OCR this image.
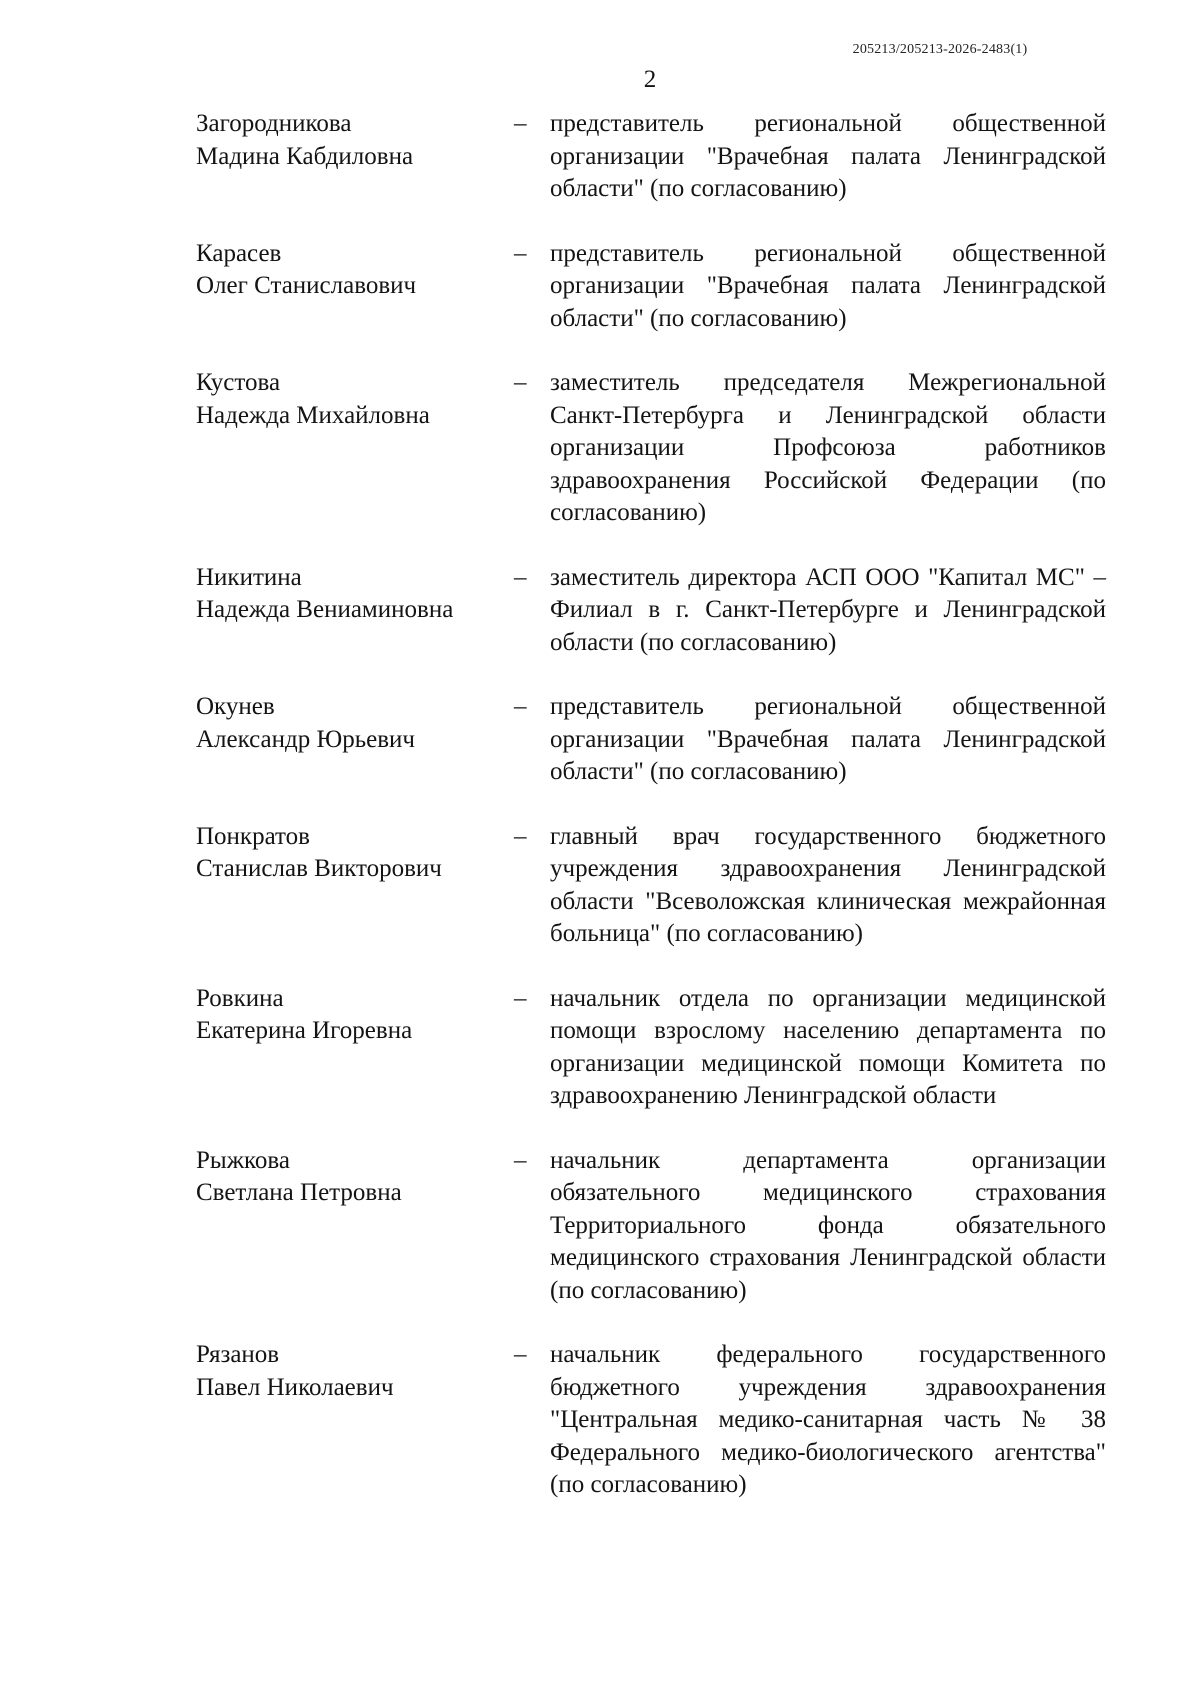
205213/205213-2026-2483(1)
2
Загородникова
Мадина Кабдиловна
– представитель региональной общественной организации "Врачебная палата Ленинградской области" (по согласованию)
Карасев
Олег Станиславович
– представитель региональной общественной организации "Врачебная палата Ленинградской области" (по согласованию)
Кустова
Надежда Михайловна
– заместитель председателя Межрегиональной Санкт-Петербурга и Ленинградской области организации Профсоюза работников здравоохранения Российской Федерации (по согласованию)
Никитина
Надежда Вениаминовна
– заместитель директора АСП ООО "Капитал МС" – Филиал в г. Санкт-Петербурге и Ленинградской области (по согласованию)
Окунев
Александр Юрьевич
– представитель региональной общественной организации "Врачебная палата Ленинградской области" (по согласованию)
Понкратов
Станислав Викторович
– главный врач государственного бюджетного учреждения здравоохранения Ленинградской области "Всеволожская клиническая межрайонная больница" (по согласованию)
Ровкина
Екатерина Игоревна
– начальник отдела по организации медицинской помощи взрослому населению департамента по организации медицинской помощи Комитета по здравоохранению Ленинградской области
Рыжкова
Светлана Петровна
– начальник департамента организации обязательного медицинского страхования Территориального фонда обязательного медицинского страхования Ленинградской области (по согласованию)
Рязанов
Павел Николаевич
– начальник федерального государственного бюджетного учреждения здравоохранения "Центральная медико-санитарная часть № 38 Федерального медико-биологического агентства" (по согласованию)
